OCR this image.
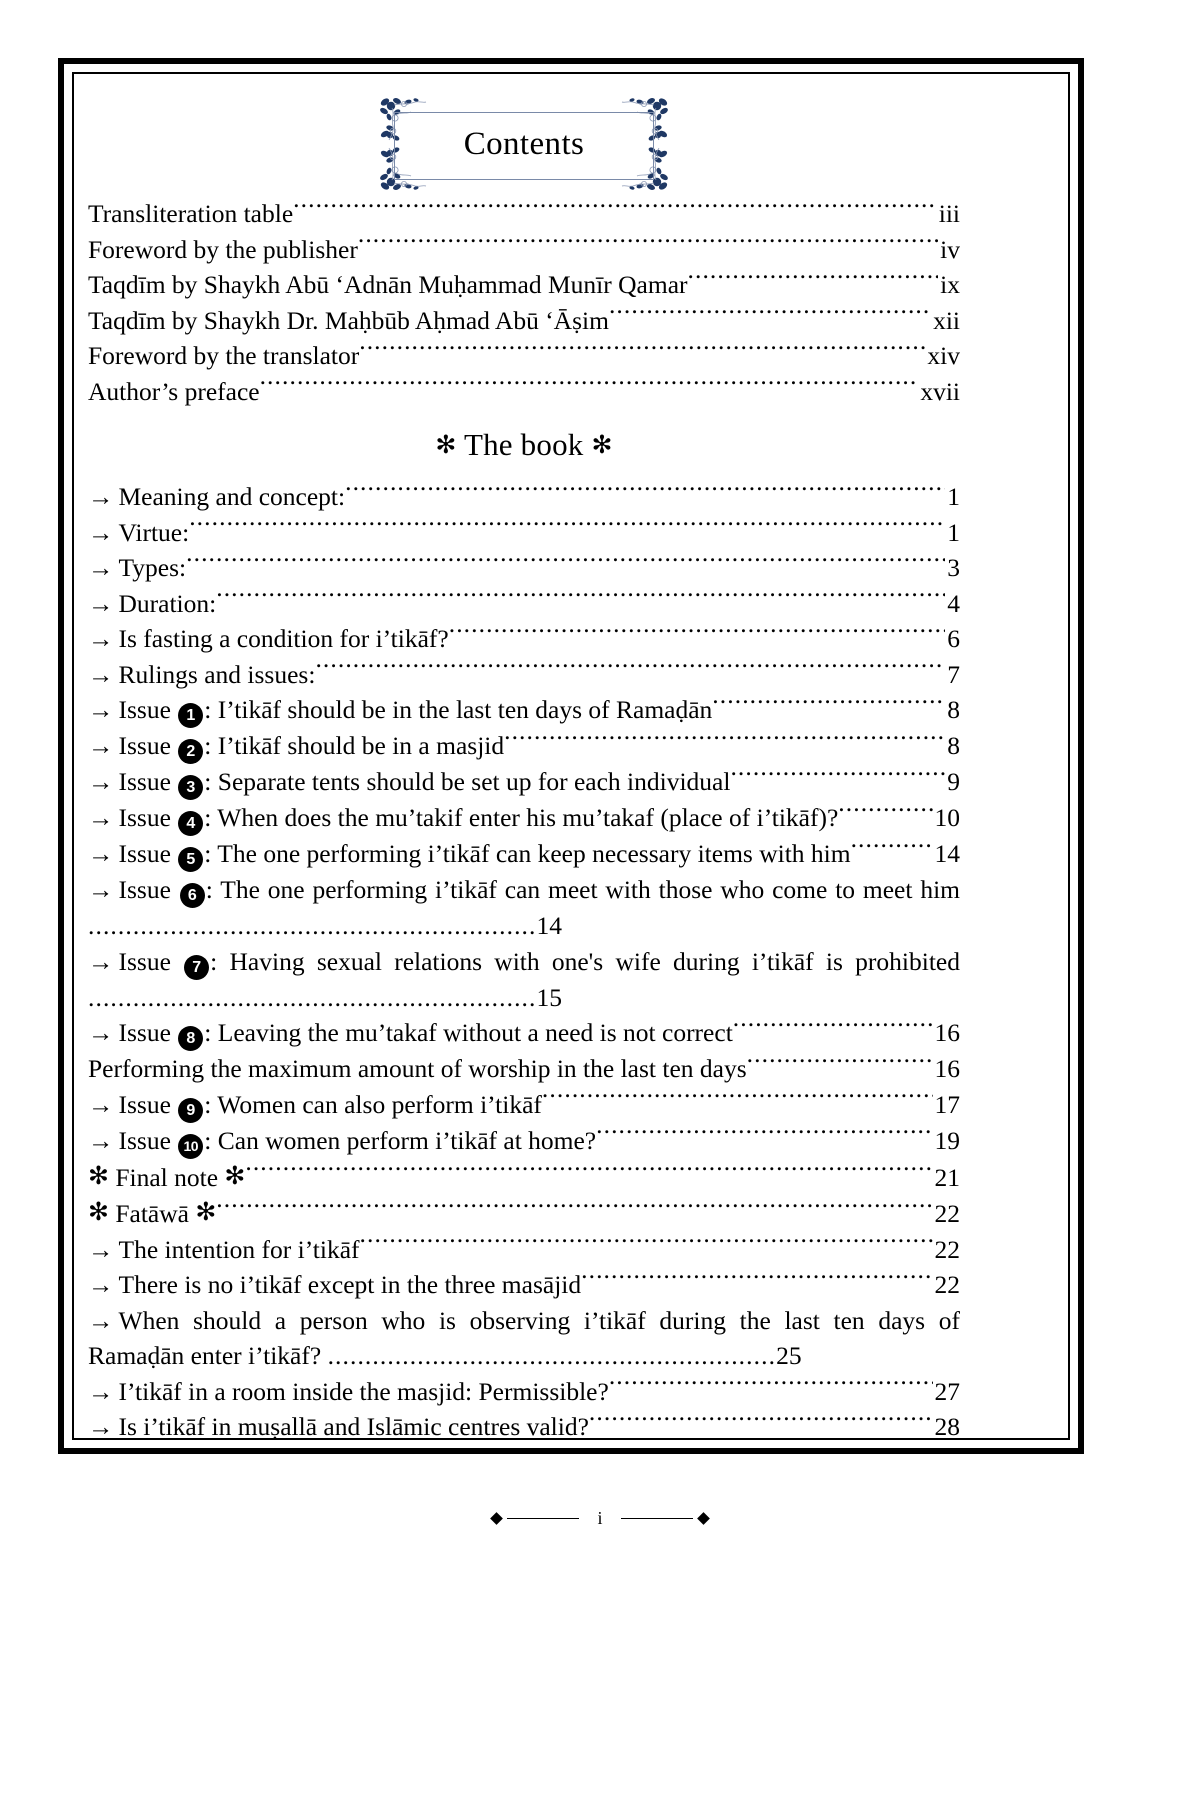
Contents
Transliteration table .....	iii
Foreword by the publisher .....	iv
Taqdīm by Shaykh Abū ‘Adnān Muḥammad Munīr Qamar .....	ix
Taqdīm by Shaykh Dr. Maḥbūb Aḥmad Abū ‘Āṣim .....	xii
Foreword by the translator .....	xiv
Author’s preface .....	xvii
✻ The book ✻
→ Meaning and concept: .....	1
→ Virtue: .....	1
→ Types: .....	3
→ Duration: .....	4
→ Is fasting a condition for i’tikāf? .....	6
→ Rulings and issues: .....	7
→ Issue 1 : I’tikāf should be in the last ten days of Ramaḍān .....	8
→ Issue 2 : I’tikāf should be in a masjid .....	8
→ Issue 3 : Separate tents should be set up for each individual .....	9
→ Issue 4 : When does the mu’takif enter his mu’takaf (place of i’tikāf)? .....	10
→ Issue 5 : The one performing i’tikāf can keep necessary items with him .....	14
→ Issue 6 : The one performing i’tikāf can meet with those who come to meet him ............................................................14
→ Issue 7 : Having sexual relations with one's wife during i’tikāf is prohibited ............................................................15
→ Issue 8 : Leaving the mu’takaf without a need is not correct .....	16
Performing the maximum amount of worship in the last ten days .....	16
→ Issue 9 : Women can also perform i’tikāf .....	17
→ Issue 10 : Can women perform i’tikāf at home? .....	19
✻ Final note ✻ .....	21
✻ Fatāwā ✻ .....	22
→ The intention for i’tikāf .....	22
→ There is no i’tikāf except in the three masājid .....	22
→ When should a person who is observing i’tikāf during the last ten days of Ramaḍān enter i’tikāf? ............................................................25
→ I’tikāf in a room inside the masjid: Permissible? .....	27
→ Is i’tikāf in muṣallā and Islāmic centres valid? .....	28
i
